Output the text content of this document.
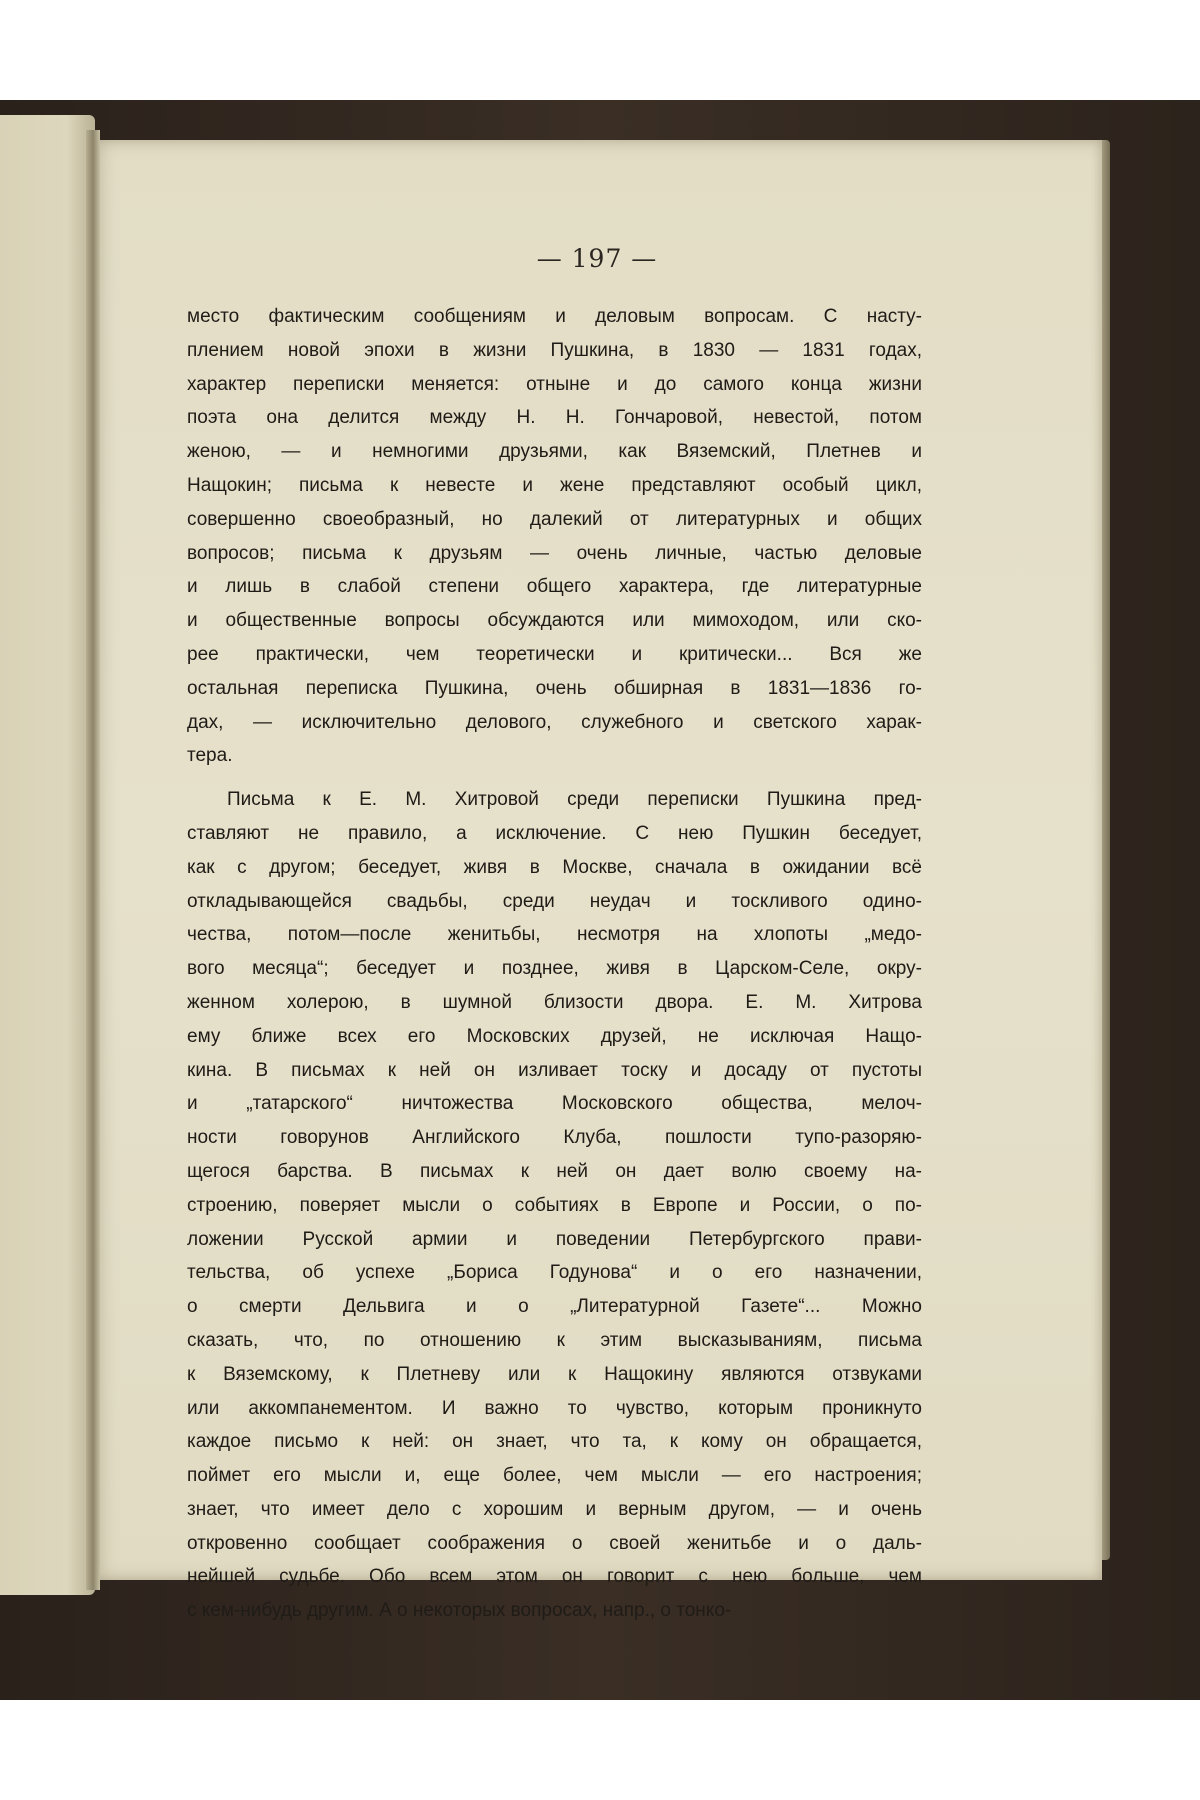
— 197 —
место фактическим сообщениям и деловым вопросам. С насту-
плением новой эпохи в жизни Пушкина, в 1830 — 1831 годах,
характер переписки меняется: отныне и до самого конца жизни
поэта она делится между Н. Н. Гончаровой, невестой, потом
женою, — и немногими друзьями, как Вяземский, Плетнев и
Нащокин; письма к невесте и жене представляют особый цикл,
совершенно своеобразный, но далекий от литературных и общих
вопросов; письма к друзьям — очень личные, частью деловые
и лишь в слабой степени общего характера, где литературные
и общественные вопросы обсуждаются или мимоходом, или ско-
рее практически, чем теоретически и критически... Вся же
остальная переписка Пушкина, очень обширная в 1831—1836 го-
дах, — исключительно делового, служебного и светского харак-
тера.
Письма к Е. М. Хитровой среди переписки Пушкина пред-
ставляют не правило, а исключение. С нею Пушкин беседует,
как с другом; беседует, живя в Москве, сначала в ожидании всё
откладывающейся свадьбы, среди неудач и тоскливого одино-
чества, потом—после женитьбы, несмотря на хлопоты „медо-
вого месяца“; беседует и позднее, живя в Царском-Селе, окру-
женном холерою, в шумной близости двора. Е. М. Хитрова
ему ближе всех его Московских друзей, не исключая Нащо-
кина. В письмах к ней он изливает тоску и досаду от пустоты
и „татарского“ ничтожества Московского общества, мелоч-
ности говорунов Английского Клуба, пошлости тупо-разоряю-
щегося барства. В письмах к ней он дает волю своему на-
строению, поверяет мысли о событиях в Европе и России, о по-
ложении Русской армии и поведении Петербургского прави-
тельства, об успехе „Бориса Годунова“ и о его назначении,
о смерти Дельвига и о „Литературной Газете“... Можно
сказать, что, по отношению к этим высказываниям, письма
к Вяземскому, к Плетневу или к Нащокину являются отзвуками
или аккомпанементом. И важно то чувство, которым проникнуто
каждое письмо к ней: он знает, что та, к кому он обращается,
поймет его мысли и, еще более, чем мысли — его настроения;
знает, что имеет дело с хорошим и верным другом, — и очень
откровенно сообщает соображения о своей женитьбе и о даль-
нейшей судьбе. Обо всем этом он говорит с нею больше, чем
с кем-нибудь другим. А о некоторых вопросах, напр., о тонко-
